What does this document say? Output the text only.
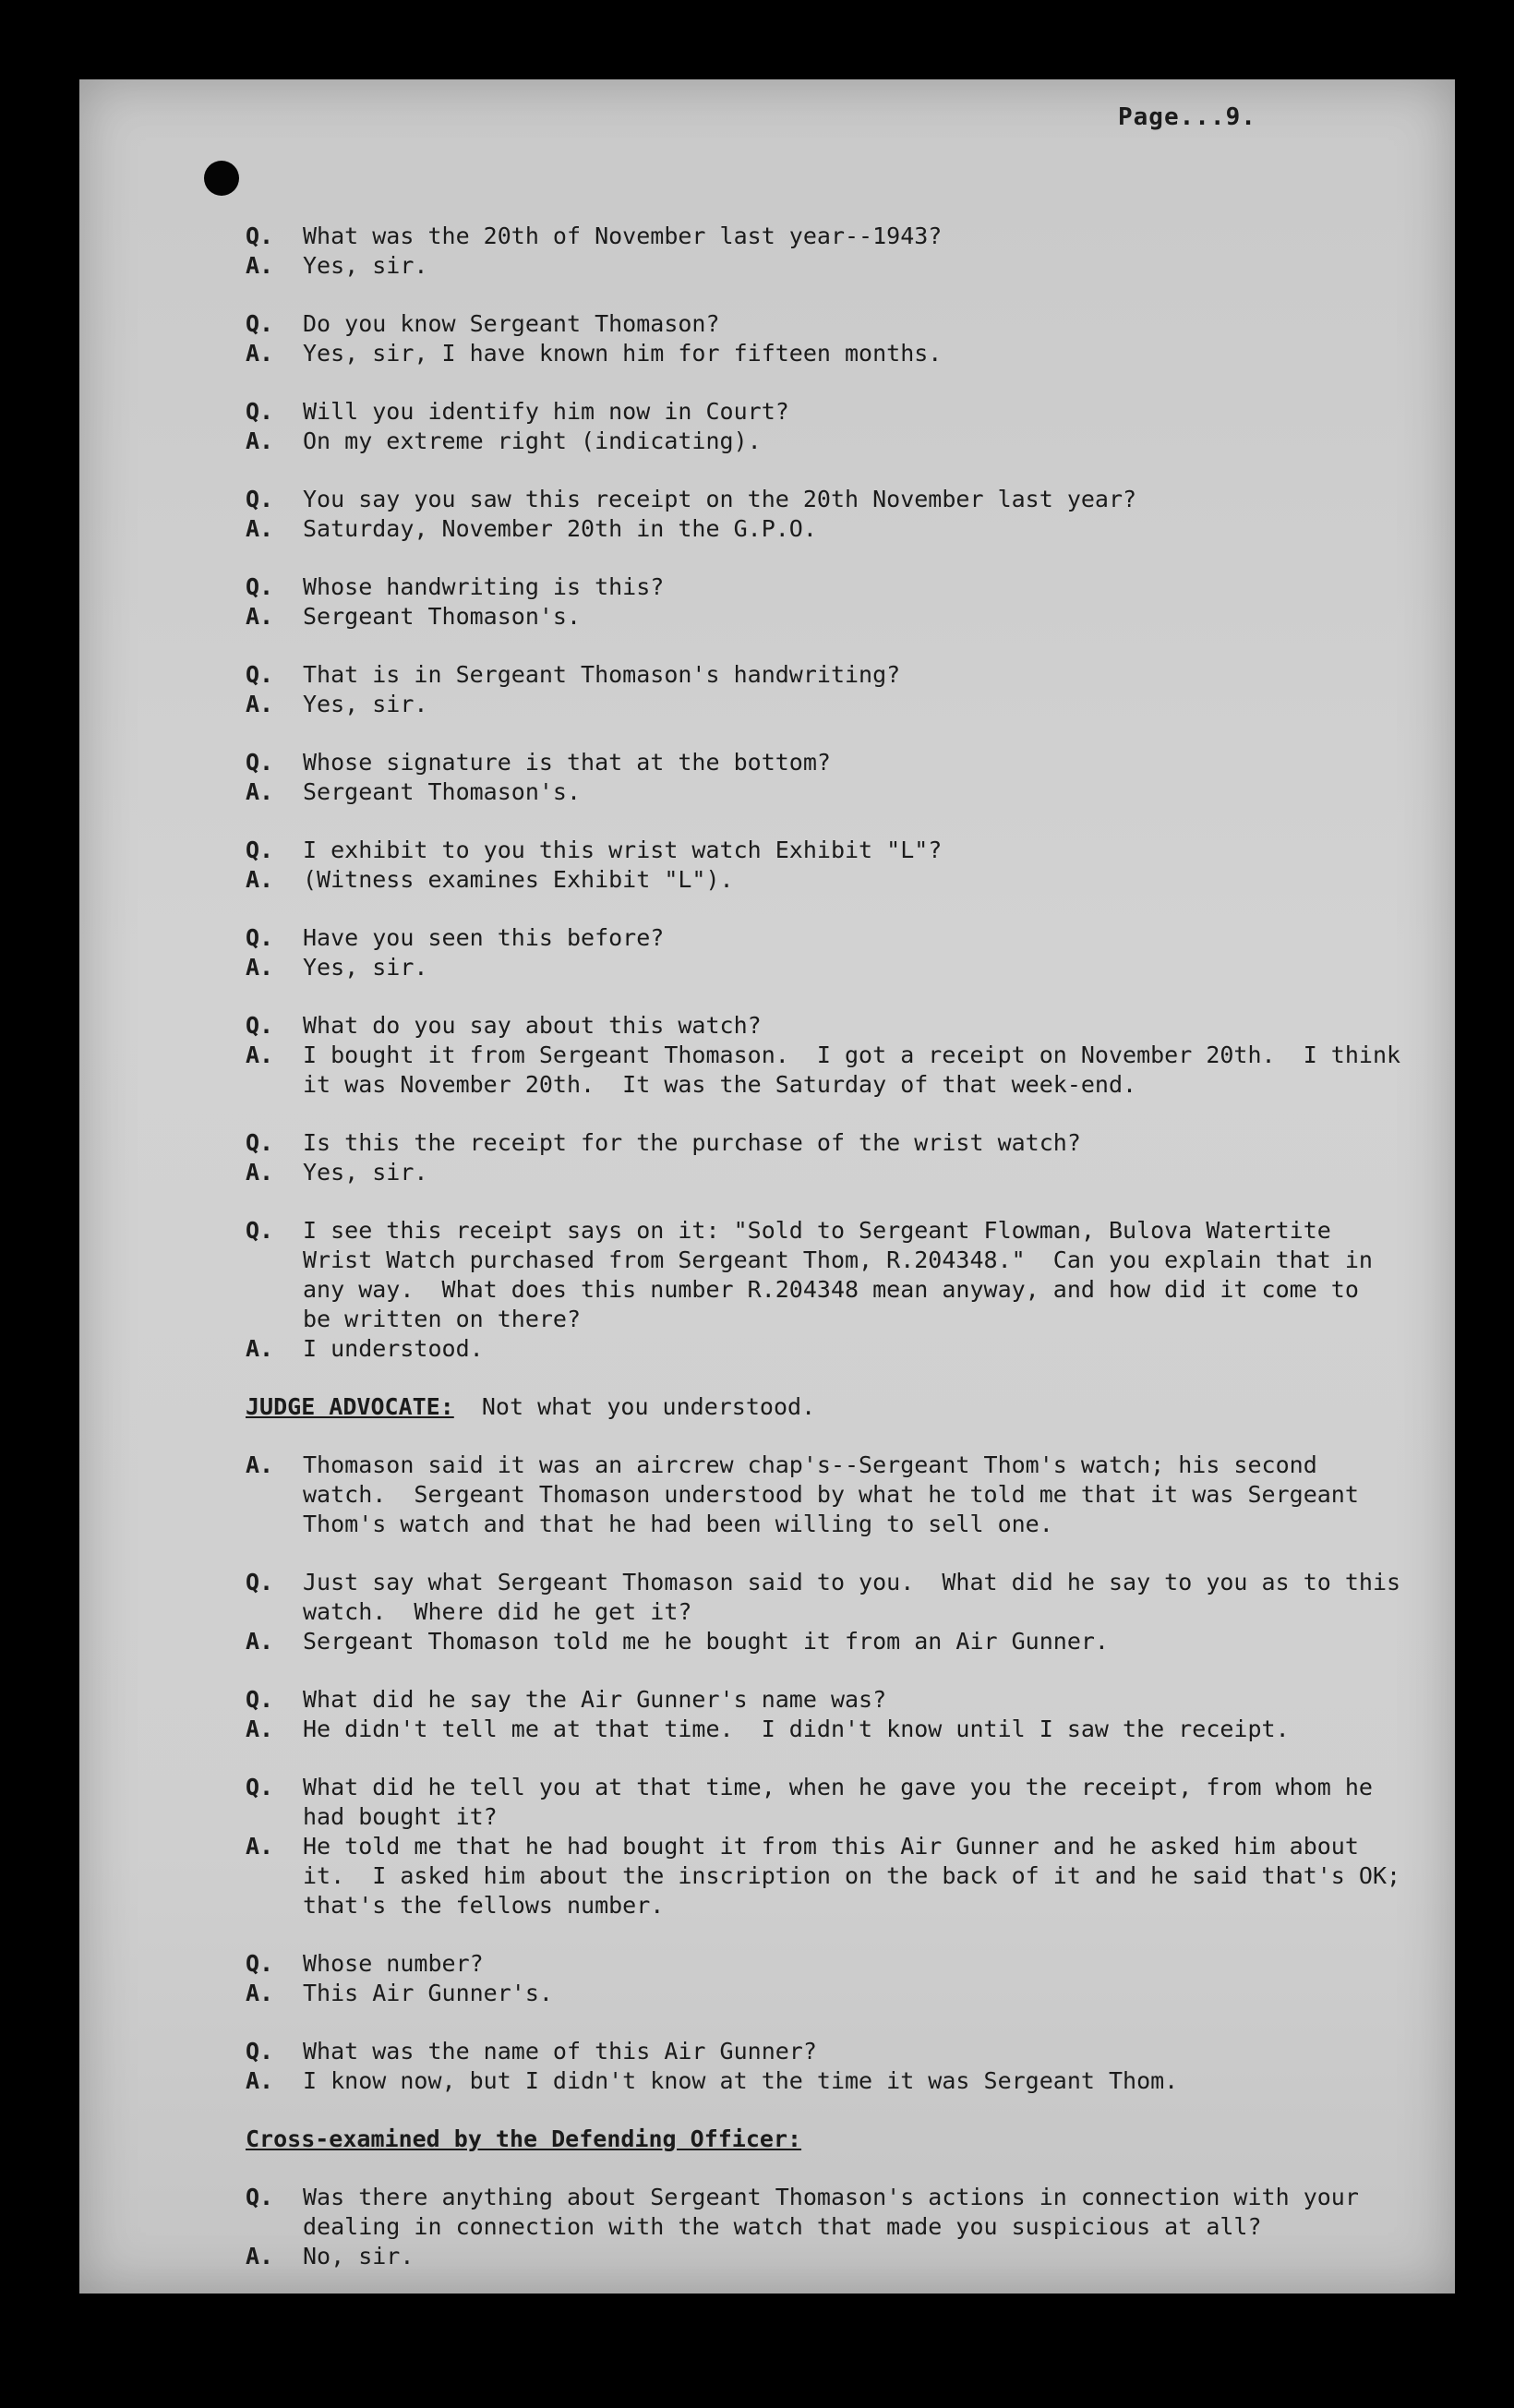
Page...9.
Q.	What was the 20th of November last year--1943?
A.	Yes, sir.
Q.	Do you know Sergeant Thomason?
A.	Yes, sir, I have known him for fifteen months.
Q.	Will you identify him now in Court?
A.	On my extreme right (indicating).
Q.	You say you saw this receipt on the 20th November last year?
A.	Saturday, November 20th in the G.P.O.
Q.	Whose handwriting is this?
A.	Sergeant Thomason's.
Q.	That is in Sergeant Thomason's handwriting?
A.	Yes, sir.
Q.	Whose signature is that at the bottom?
A.	Sergeant Thomason's.
Q.	I exhibit to you this wrist watch Exhibit "L"?
A.	(Witness examines Exhibit "L").
Q.	Have you seen this before?
A.	Yes, sir.
Q.	What do you say about this watch?
A.	I bought it from Sergeant Thomason.  I got a receipt on November 20th.  I think
it was November 20th.  It was the Saturday of that week-end.
Q.	Is this the receipt for the purchase of the wrist watch?
A.	Yes, sir.
Q.	I see this receipt says on it: "Sold to Sergeant Flowman, Bulova Watertite
Wrist Watch purchased from Sergeant Thom, R.204348."  Can you explain that in
any way.  What does this number R.204348 mean anyway, and how did it come to
be written on there?
A.	I understood.
JUDGE ADVOCATE:  Not what you understood.
A.	Thomason said it was an aircrew chap's--Sergeant Thom's watch; his second
watch.  Sergeant Thomason understood by what he told me that it was Sergeant
Thom's watch and that he had been willing to sell one.
Q.	Just say what Sergeant Thomason said to you.  What did he say to you as to this
watch.  Where did he get it?
A.	Sergeant Thomason told me he bought it from an Air Gunner.
Q.	What did he say the Air Gunner's name was?
A.	He didn't tell me at that time.  I didn't know until I saw the receipt.
Q.	What did he tell you at that time, when he gave you the receipt, from whom he
had bought it?
A.	He told me that he had bought it from this Air Gunner and he asked him about
it.  I asked him about the inscription on the back of it and he said that's OK;
that's the fellows number.
Q.	Whose number?
A.	This Air Gunner's.
Q.	What was the name of this Air Gunner?
A.	I know now, but I didn't know at the time it was Sergeant Thom.
Cross-examined by the Defending Officer:
Q.	Was there anything about Sergeant Thomason's actions in connection with your
dealing in connection with the watch that made you suspicious at all?
A.	No, sir.
